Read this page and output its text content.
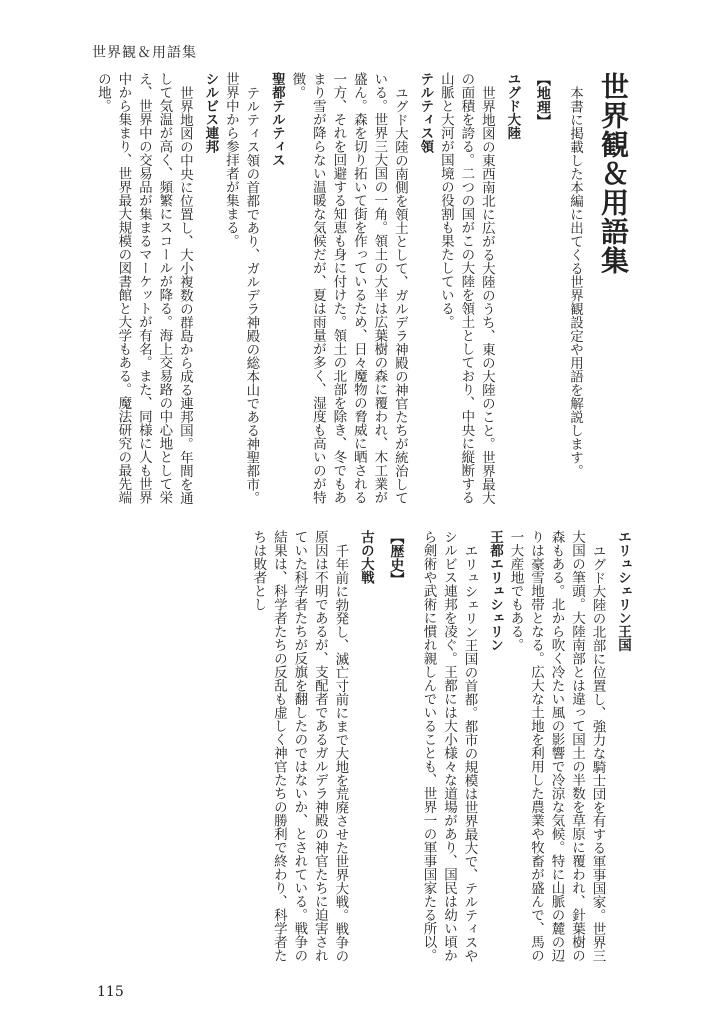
世界観＆用語集
世界観＆用語集

本書に掲載した本編に出てくる世界観設定や用語を解説します。

【地理】
ユグド大陸

世界地図の東西南北に広がる大陸のうち、東の大陸のこと。世界最大の面積を誇る。二つの国がこの大陸を領土としており、中央に縦断する山脈と大河が国境の役割も果たしている。

テルティス領

ユグド大陸の南側を領土として、ガルデラ神殿の神官たちが統治している。世界三大国の一角。領土の大半は広葉樹の森に覆われ、木工業が盛ん。森を切り拓いて街を作っているため、日々魔物の脅威に晒される一方、それを回避する知恵も身に付けた。領土の北部を除き、冬でもあまり雪が降らない温暖な気候だが、夏は雨量が多く、湿度も高いのが特徴。

聖都テルティス

テルティス領の首都であり、ガルデラ神殿の総本山である神聖都市。世界中から参拝者が集まる。

シルビス連邦

世界地図の中央に位置し、大小複数の群島から成る連邦国。年間を通して気温が高く、頻繁にスコールが降る。海上交易路の中心地として栄え、世界中の交易品が集まるマーケットが有名。また、同様に人も世界中から集まり、世界最大規模の図書館と大学もある。魔法研究の最先端の地。

エリュシェリン王国

ユグド大陸の北部に位置し、強力な騎士団を有する軍事国家。世界三大国の筆頭。大陸南部とは違って国土の半数を草原に覆われ、針葉樹の森もある。北から吹く冷たい風の影響で冷涼な気候。特に山脈の麓の辺りは豪雪地帯となる。広大な土地を利用した農業や牧畜が盛んで、馬の一大産地でもある。

王都エリュシェリン

エリュシェリン王国の首都。都市の規模は世界最大で、テルティスやシルビス連邦を凌ぐ。王都には大小様々な道場があり、国民は幼い頃から剣術や武術に慣れ親しんでいることも、世界一の軍事国家たる所以。

【歴史】
古の大戦

千年前に勃発し、滅亡寸前にまで大地を荒廃させた世界大戦。戦争の原因は不明であるが、支配者であるガルデラ神殿の神官たちに迫害されていた科学者たちが反旗を翻したのではないか、とされている。戦争の結果は、科学者たちの反乱も虚しく神官たちの勝利で終わり、科学者たちは敗者とし

115
